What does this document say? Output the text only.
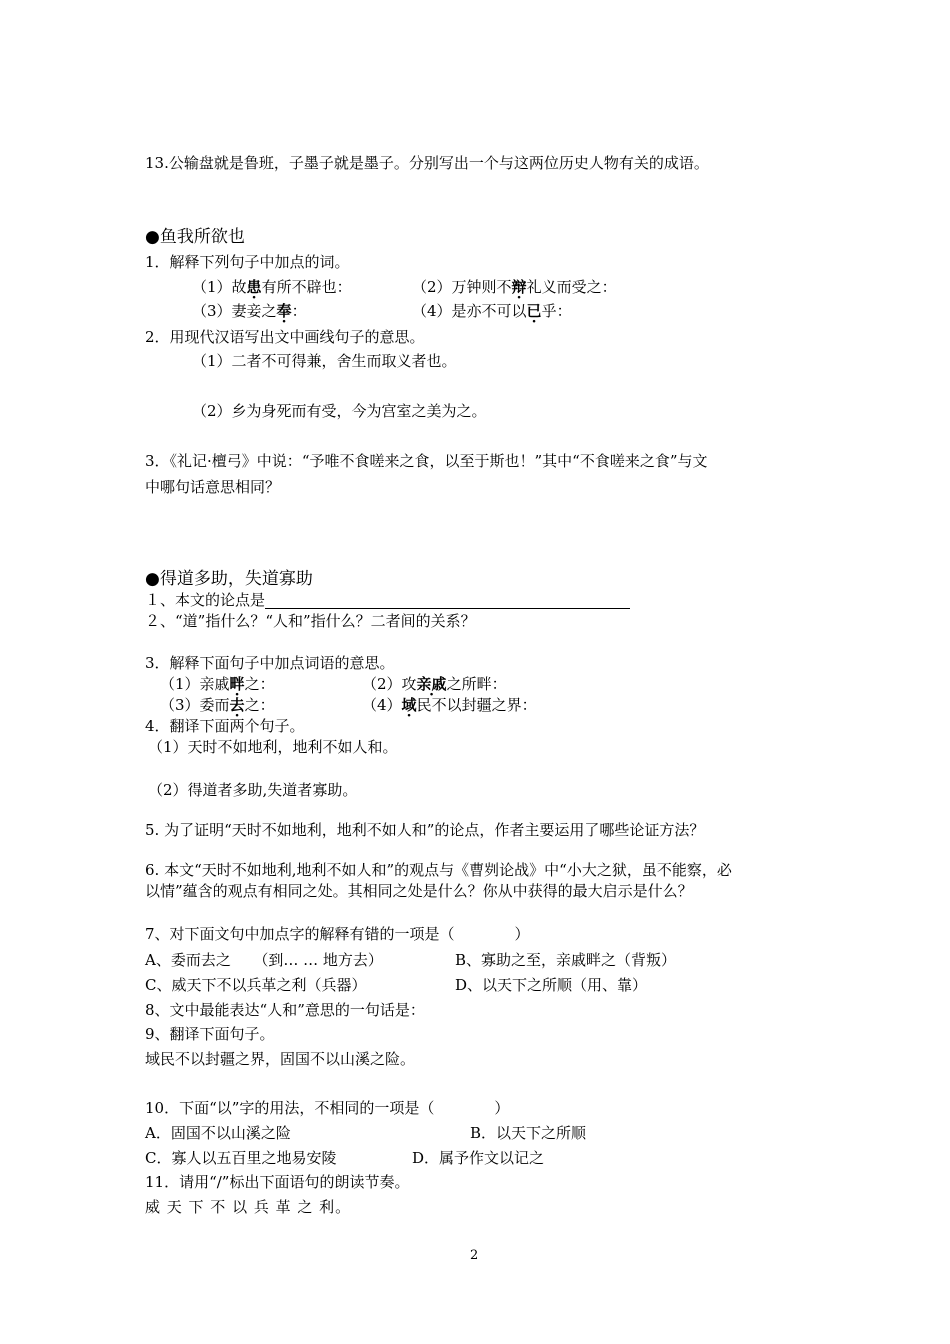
13.公输盘就是鲁班，子墨子就是墨子。分别写出一个与这两位历史人物有关的成语。
●鱼我所欲也
1．解释下列句子中加点的词。
（1）故患有所不辟也：	（2）万钟则不辩礼义而受之：
（3）妻妾之奉：	（4）是亦不可以已乎：
2．用现代汉语写出文中画线句子的意思。
（1）二者不可得兼，舍生而取义者也。
（2）乡为身死而有受，今为宫室之美为之。
3．《礼记·檀弓》中说：“予唯不食嗟来之食，以至于斯也！”其中“不食嗟来之食”与文
中哪句话意思相同？
●得道多助，失道寡助
１、本文的论点是
２、“道”指什么？“人和”指什么？二者间的关系？
3．解释下面句子中加点词语的意思。
（1）亲戚畔之：	（2）攻亲戚之所畔：
（3）委而去之：	（4）域民不以封疆之界：
4．翻译下面两个句子。
（1）天时不如地利，地利不如人和。
（2）得道者多助,失道者寡助。
5. 为了证明“天时不如地利，地利不如人和”的论点，作者主要运用了哪些论证方法？
6. 本文“天时不如地利,地利不如人和”的观点与《曹刿论战》中“小大之狱，虽不能察，必
以情”蕴含的观点有相同之处。其相同之处是什么？你从中获得的最大启示是什么？
7、对下面文句中加点字的解释有错的一项是（　　　　）
A、委而去之　　（到… … 地方去）	B、寡助之至，亲戚畔之（背叛）
C、威天下不以兵革之利（兵器）	D、以天下之所顺（用、靠）
8、文中最能表达“人和”意思的一句话是：
9、翻译下面句子。
域民不以封疆之界，固国不以山溪之险。
10．下面“以”字的用法，不相同的一项是（　　　　）
A．固国不以山溪之险	B．以天下之所顺
C．寡人以五百里之地易安陵	D．属予作文以记之
11．请用“/”标出下面语句的朗读节奏。
威 天 下 不 以 兵 革 之 利。
2
